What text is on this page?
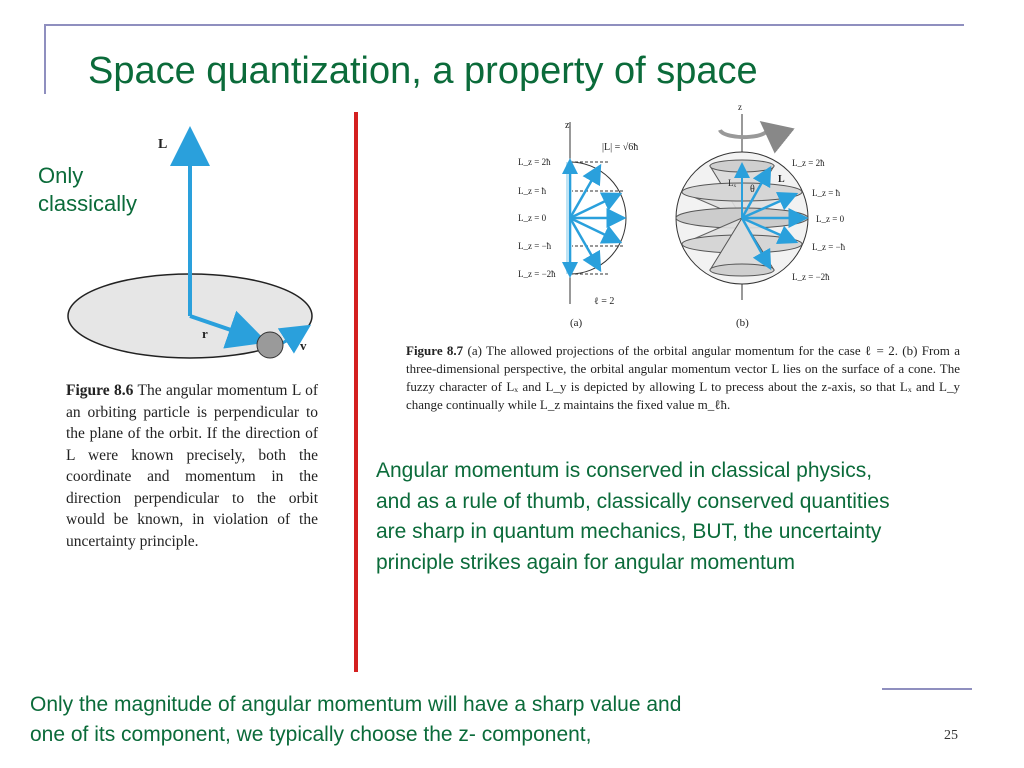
Space quantization, a property of space
Only
classically
L
r
v
Figure 8.6 The angular momentum L of an orbiting particle is perpendicular to the plane of the orbit. If the direction of L were known precisely, both the coordinate and momentum in the direction perpendicular to the orbit would be known, in violation of the uncertainty principle.
z
|L| = √6ħ
L_z = 2ħ
L_z = ħ
L_z = 0
L_z = −ħ
L_z = −2ħ
ℓ = 2
(a)
z
Lₓ
θ
L
L_z = 2ħ
L_z = ħ
L_z = 0
L_z = −ħ
L_z = −2ħ
(b)
Figure 8.7 (a) The allowed projections of the orbital angular momentum for the case ℓ = 2. (b) From a three-dimensional perspective, the orbital angular momentum vector L lies on the surface of a cone. The fuzzy character of Lₓ and L_y is depicted by allowing L to precess about the z-axis, so that Lₓ and L_y change continually while L_z maintains the fixed value m_ℓħ.
Angular momentum is conserved in classical physics, and as a rule of thumb, classically conserved quantities are sharp in quantum mechanics, BUT, the uncertainty principle strikes again for angular momentum
Only the magnitude of angular momentum will have a sharp value and
one of its component, we typically choose the z- component,	25
